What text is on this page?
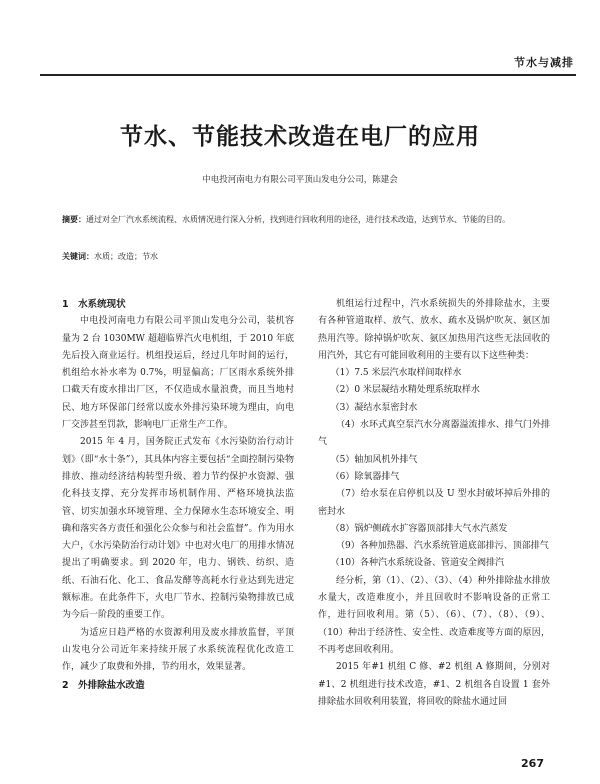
节水与减排
节水、节能技术改造在电厂的应用
中电投河南电力有限公司平顶山发电分公司，陈建会
摘要：通过对全厂汽水系统流程、水质情况进行深入分析，找到进行回收利用的途径，进行技术改造，达到节水、节能的目的。
关键词：水质；改造；节水

1　水系统现状

中电投河南电力有限公司平顶山发电分公司，装机容量为 2 台 1030MW 超超临界汽火电机组，于 2010 年底先后投入商业运行。机组投运后，经过几年时间的运行，机组给水补水率为 0.7%，明显偏高；厂区雨水系统外排口截天有废水排出厂区，不仅造成水量浪费，而且当地村民、地方环保部门经常以废水外排污染环境为理由，向电厂交涉甚至罚款，影响电厂正常生产工作。

2015 年 4 月，国务院正式发布《水污染防治行动计划》（即“水十条”），其具体内容主要包括“全面控制污染物排放、推动经济结构转型升级、着力节约保护水资源、强化科技支撑、充分发挥市场机制作用、严格环境执法监管、切实加强水环境管理、全力保障水生态环境安全、明确和落实各方责任和强化公众参与和社会监督”。作为用水大户，《水污染防治行动计划》中也对火电厂的用排水情况提出了明确要求。到 2020 年，电力、钢铁、纺织、造纸、石油石化、化工、食品发酵等高耗水行业达到先进定额标准。在此条件下，火电厂节水、控制污染物排放已成为今后一阶段的重要工作。

为适应日趋严格的水资源利用及废水排放监督，平顶山发电分公司近年来持续开展了水系统流程优化改造工作，减少了取费和外排，节约用水，效果显著。

2　外排除盐水改造

机组运行过程中，汽水系统损失的外排除盐水，主要有各种管道取样、放气、放水、疏水及锅炉吹灰、氨区加热用汽等。除掉锅炉吹灰、氨区加热用汽这些无法回收的用汽外，其它有可能回收利用的主要有以下这些种类：

（1）7.5 米层汽水取样间取样水

（2）0 米层凝结水精处理系统取样水

（3）凝结水泵密封水

（4）水环式真空泵汽水分离器溢流排水、排气门外排气

（5）轴加风机外排气

（6）除氧器排气

（7）给水泵在启停机以及 U 型水封破坏掉后外排的密封水

（8）锅炉侧疏水扩容器顶部排大气水汽蒸发

（9）各种加热器、汽水系统管道底部排污、顶部排气

（10）各种汽水系统设备、管道安全阀排汽

经分析，第（1）、（2）、（3）、（4）种外排除盐水排放水量大，改造难度小，并且回收时不影响设备的正常工作，进行回收利用。第（5）、（6）、（7）、（8）、（9）、（10）种出于经济性、安全性、改造难度等方面的原因，不再考虑回收利用。

2015 年#1 机组 C 修、#2 机组 A 修期间，分别对#1、2 机组进行技术改造，#1、2 机组各自设置 1 套外排除盐水回收利用装置，将回收的除盐水通过回

267
